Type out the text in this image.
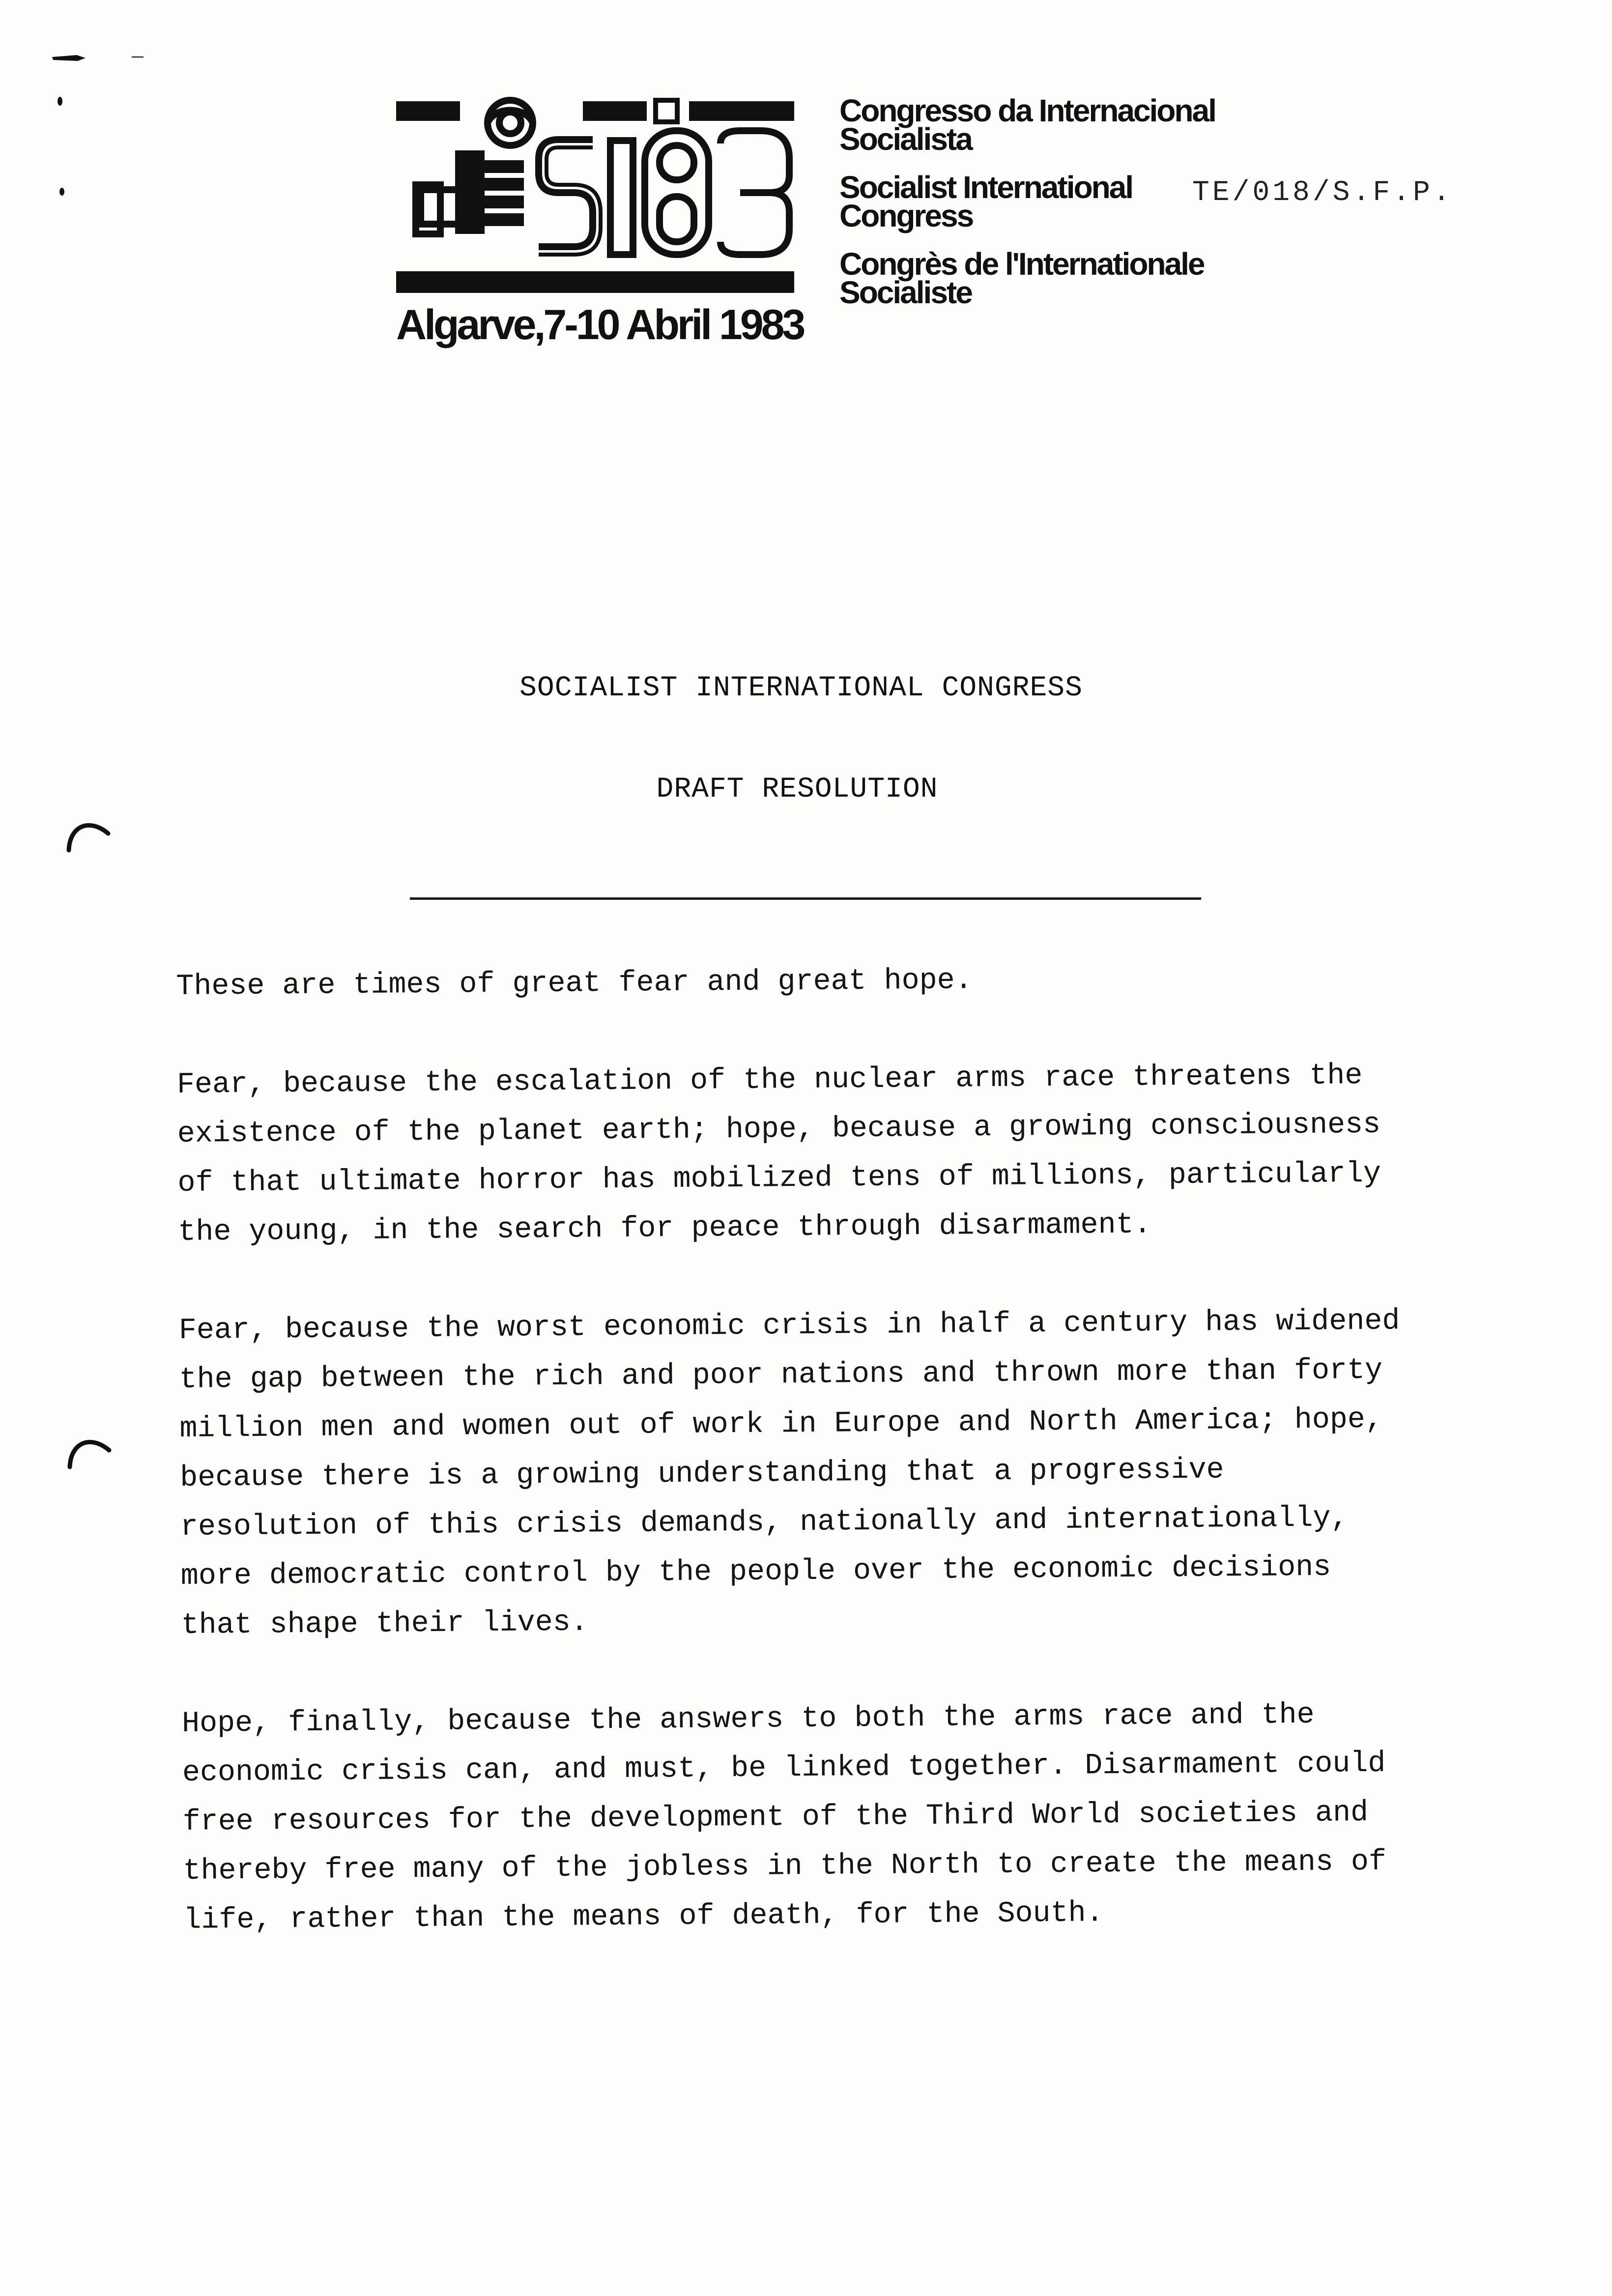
Algarve,7-10 Abril 1983
Congresso da Internacional
Socialista
Socialist International
Congress
Congrès de l'Internationale
Socialiste
TE/018/S.F.P.
SOCIALIST INTERNATIONAL CONGRESS
DRAFT RESOLUTION
These are times of great fear and great hope.
Fear, because the escalation of the nuclear arms race threatens the
existence of the planet earth; hope, because a growing consciousness
of that ultimate horror has mobilized tens of millions, particularly
the young, in the search for peace through disarmament.
Fear, because the worst economic crisis in half a century has widened
the gap between the rich and poor nations and thrown more than forty
million men and women out of work in Europe and North America; hope,
because there is a growing understanding that a progressive
resolution of this crisis demands, nationally and internationally,
more democratic control by the people over the economic decisions
that shape their lives.
Hope, finally, because the answers to both the arms race and the
economic crisis can, and must, be linked together. Disarmament could
free resources for the development of the Third World societies and
thereby free many of the jobless in the North to create the means of
life, rather than the means of death, for the South.
